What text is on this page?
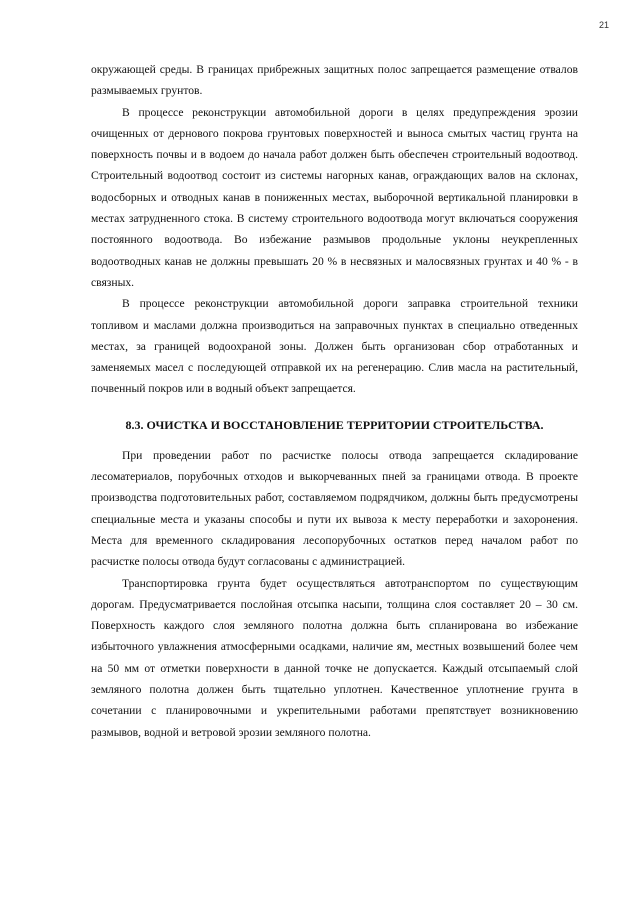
21

окружающей среды. В границах прибрежных защитных полос запрещается размещение отвалов размываемых грунтов.

В процессе реконструкции автомобильной дороги в целях предупреждения эрозии очищенных от дернового покрова грунтовых поверхностей и выноса смытых частиц грунта на поверхность почвы и в водоем до начала работ должен быть обеспечен строительный водоотвод. Строительный водоотвод состоит из системы нагорных канав, ограждающих валов на склонах, водосборных и отводных канав в пониженных местах, выборочной вертикальной планировки в местах затрудненного стока. В систему строительного водоотвода могут включаться сооружения постоянного водоотвода. Во избежание размывов продольные уклоны неукрепленных водоотводных канав не должны превышать 20 % в несвязных и малосвязных грунтах и 40 % - в связных.

В процессе реконструкции автомобильной дороги заправка строительной техники топливом и маслами должна производиться на заправочных пунктах в специально отведенных местах, за границей водоохраной зоны. Должен быть организован сбор отработанных и заменяемых масел с последующей отправкой их на регенерацию. Слив масла на растительный, почвенный покров или в водный объект запрещается.

8.3. ОЧИСТКА И ВОССТАНОВЛЕНИЕ ТЕРРИТОРИИ СТРОИТЕЛЬСТВА.

При проведении работ по расчистке полосы отвода запрещается складирование лесоматериалов, порубочных отходов и выкорчеванных пней за границами отвода. В проекте производства подготовительных работ, составляемом подрядчиком, должны быть предусмотрены специальные места и указаны способы и пути их вывоза к месту переработки и захоронения. Места для временного складирования лесопорубочных остатков перед началом работ по расчистке полосы отвода будут согласованы с администрацией.

Транспортировка грунта будет осуществляться автотранспортом по существующим дорогам. Предусматривается послойная отсыпка насыпи, толщина слоя составляет 20 – 30 см. Поверхность каждого слоя земляного полотна должна быть спланирована во избежание избыточного увлажнения атмосферными осадками, наличие ям, местных возвышений более чем на 50 мм от отметки поверхности в данной точке не допускается. Каждый отсыпаемый слой земляного полотна должен быть тщательно уплотнен. Качественное уплотнение грунта в сочетании с планировочными и укрепительными работами препятствует возникновению размывов, водной и ветровой эрозии земляного полотна.
